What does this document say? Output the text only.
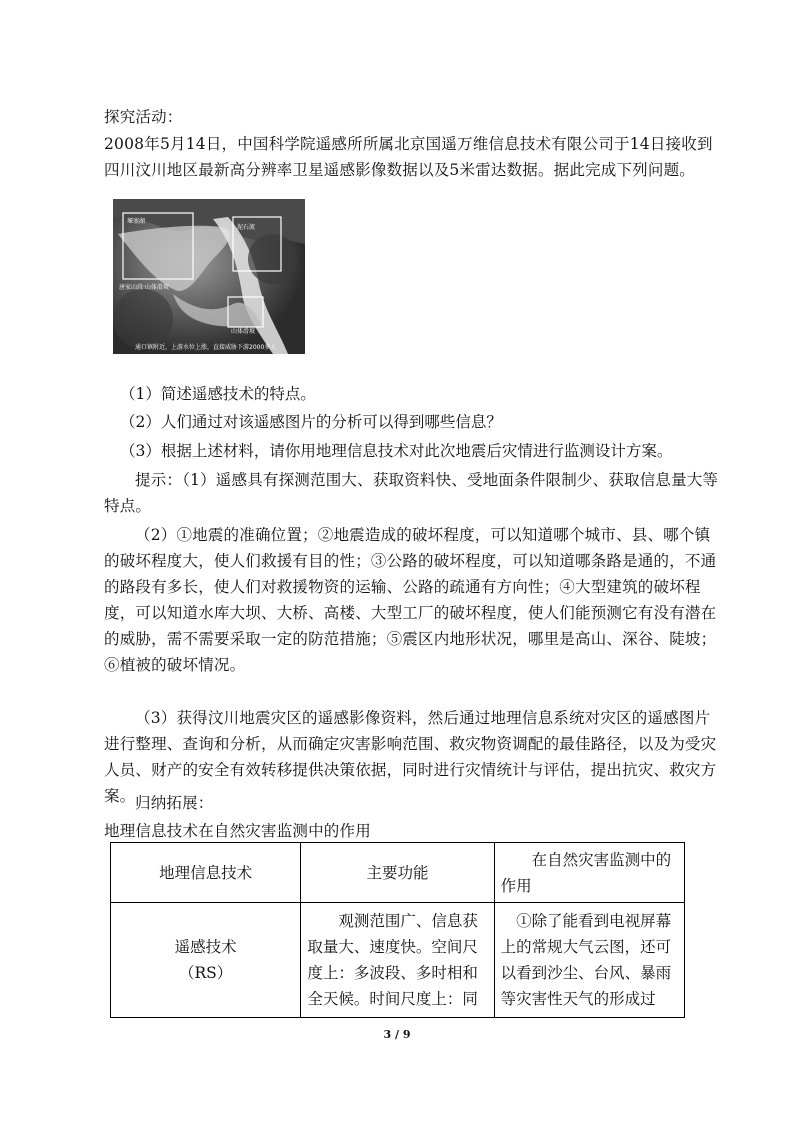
探究活动：
2008年5月14日，中国科学院遥感所所属北京国遥万维信息技术有限公司于14日接收到四川汶川地区最新高分辨率卫星遥感影像数据以及5米雷达数据。据此完成下列问题。
泥石流
堰塞湖
山体滑坡
唐家山段·山体滑坡
通口镇附近，上游水位上涨，直接威胁下游2000多人
（1）简述遥感技术的特点。
（2）人们通过对该遥感图片的分析可以得到哪些信息？
（3）根据上述材料，请你用地理信息技术对此次地震后灾情进行监测设计方案。
提示：（1）遥感具有探测范围大、获取资料快、受地面条件限制少、获取信息量大等特点。
（2）①地震的准确位置；②地震造成的破坏程度，可以知道哪个城市、县、哪个镇的破坏程度大，使人们救援有目的性；③公路的破坏程度，可以知道哪条路是通的，不通的路段有多长，使人们对救援物资的运输、公路的疏通有方向性；④大型建筑的破坏程度，可以知道水库大坝、大桥、高楼、大型工厂的破坏程度，使人们能预测它有没有潜在的威胁，需不需要采取一定的防范措施；⑤震区内地形状况，哪里是高山、深谷、陡坡；⑥植被的破坏情况。
（3）获得汶川地震灾区的遥感影像资料，然后通过地理信息系统对灾区的遥感图片进行整理、查询和分析，从而确定灾害影响范围、救灾物资调配的最佳路径，以及为受灾人员、财产的安全有效转移提供决策依据，同时进行灾情统计与评估，提出抗灾、救灾方案。 归纳拓展：
地理信息技术在自然灾害监测中的作用
地理信息技术	主要功能	在自然灾害监测中的作用

遥感技术
（RS）	观测范围广、信息获取量大、速度快。空间尺度上：多波段、多时相和全天候。时间尺度上：同	①除了能看到电视屏幕上的常规大气云图，还可以看到沙尘、台风、暴雨等灾害性天气的形成过
3 / 9
